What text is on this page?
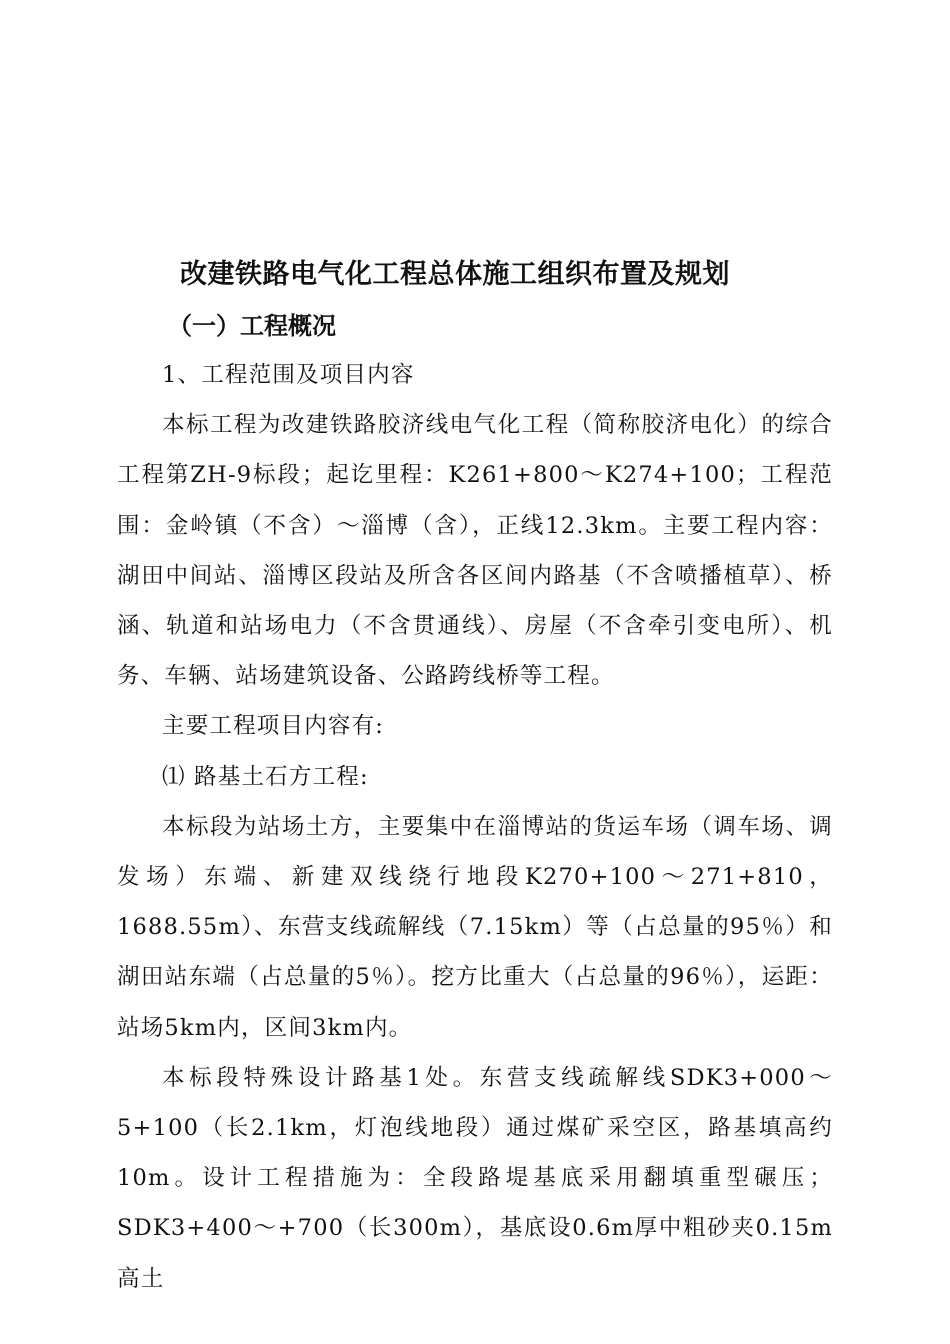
改建铁路电气化工程总体施工组织布置及规划
（一）工程概况

1、工程范围及项目内容

本标工程为改建铁路胶济线电气化工程（简称胶济电化）的综合工程第ZH-9标段；起讫里程：K261+800～K274+100；工程范围：金岭镇（不含）～淄博（含），正线12.3km。主要工程内容：湖田中间站、淄博区段站及所含各区间内路基（不含喷播植草）、桥涵、轨道和站场电力（不含贯通线）、房屋（不含牵引变电所）、机务、车辆、站场建筑设备、公路跨线桥等工程。

主要工程项目内容有:

⑴ 路基土石方工程:

本标段为站场土方，主要集中在淄博站的货运车场（调车场、调发场）东端、新建双线绕行地段K270+100～271+810，1688.55m）、东营支线疏解线（7.15km）等（占总量的95％）和湖田站东端（占总量的5％）。挖方比重大（占总量的96％），运距：站场5km内，区间3km内。

本标段特殊设计路基1处。东营支线疏解线SDK3+000～5+100（长2.1km，灯泡线地段）通过煤矿采空区，路基填高约10m。设计工程措施为：全段路堤基底采用翻填重型碾压；SDK3+400～+700（长300m），基底设0.6m厚中粗砂夹0.15m高土
